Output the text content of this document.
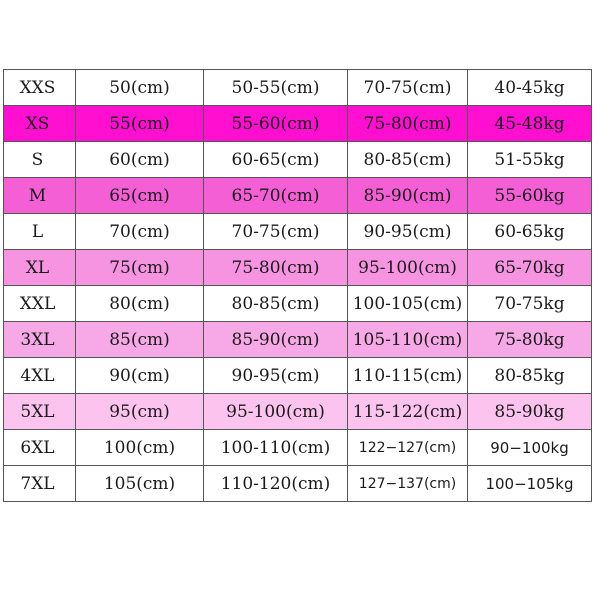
XXS	50(cm)	50-55(cm)	70-75(cm)	40-45kg
XS	55(cm)	55-60(cm)	75-80(cm)	45-48kg
S	60(cm)	60-65(cm)	80-85(cm)	51-55kg
M	65(cm)	65-70(cm)	85-90(cm)	55-60kg
L	70(cm)	70-75(cm)	90-95(cm)	60-65kg
XL	75(cm)	75-80(cm)	95-100(cm)	65-70kg
XXL	80(cm)	80-85(cm)	100-105(cm)	70-75kg
3XL	85(cm)	85-90(cm)	105-110(cm)	75-80kg
4XL	90(cm)	90-95(cm)	110-115(cm)	80-85kg
5XL	95(cm)	95-100(cm)	115-122(cm)	85-90kg
6XL	100(cm)	100-110(cm)	122−127(cm)	90−100kg
7XL	105(cm)	110-120(cm)	127−137(cm)	100−105kg
